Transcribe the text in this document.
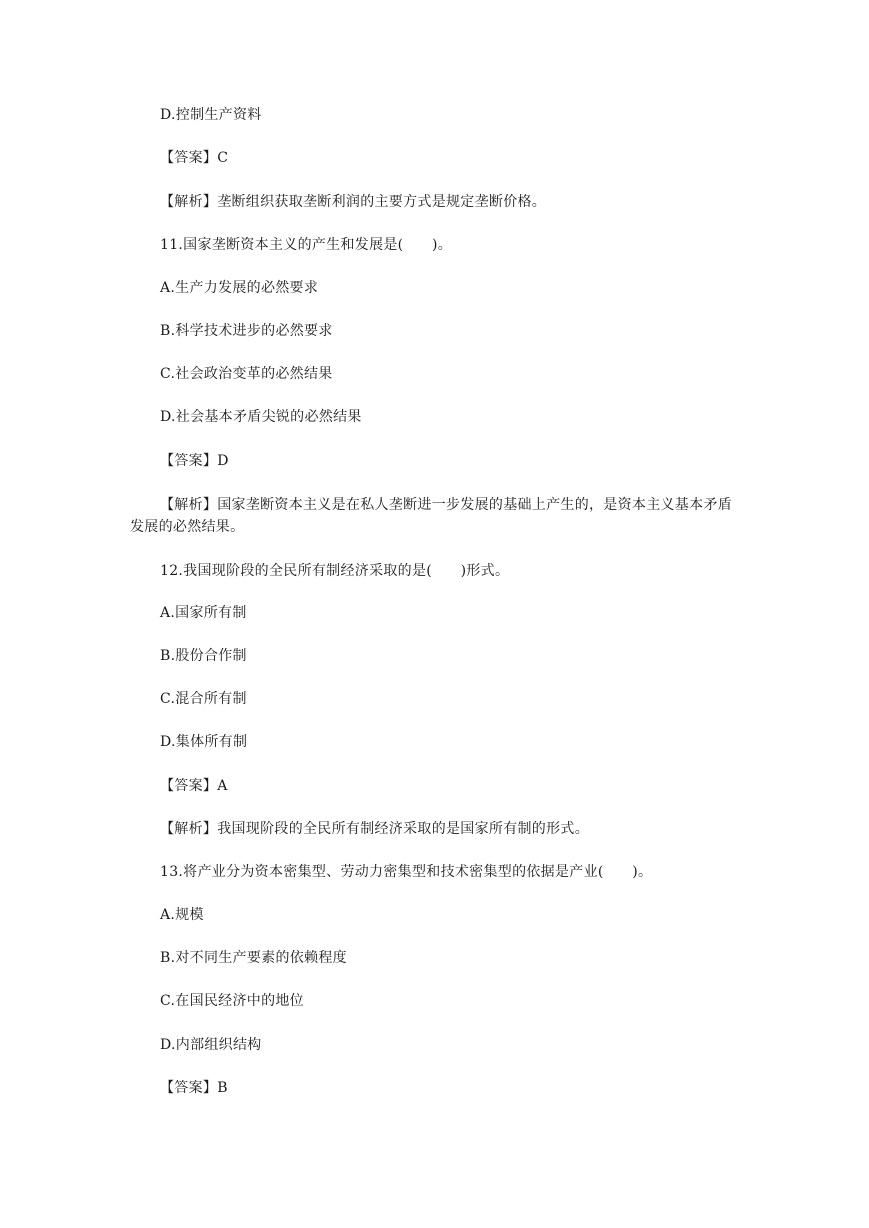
D.控制生产资料
【答案】C
【解析】垄断组织获取垄断利润的主要方式是规定垄断价格。
11.国家垄断资本主义的产生和发展是(　　)。
A.生产力发展的必然要求
B.科学技术进步的必然要求
C.社会政治变革的必然结果
D.社会基本矛盾尖锐的必然结果
【答案】D
【解析】国家垄断资本主义是在私人垄断进一步发展的基础上产生的，是资本主义基本矛盾发展的必然结果。
12.我国现阶段的全民所有制经济采取的是(　　)形式。
A.国家所有制
B.股份合作制
C.混合所有制
D.集体所有制
【答案】A
【解析】我国现阶段的全民所有制经济采取的是国家所有制的形式。
13.将产业分为资本密集型、劳动力密集型和技术密集型的依据是产业(　　)。
A.规模
B.对不同生产要素的依赖程度
C.在国民经济中的地位
D.内部组织结构
【答案】B
